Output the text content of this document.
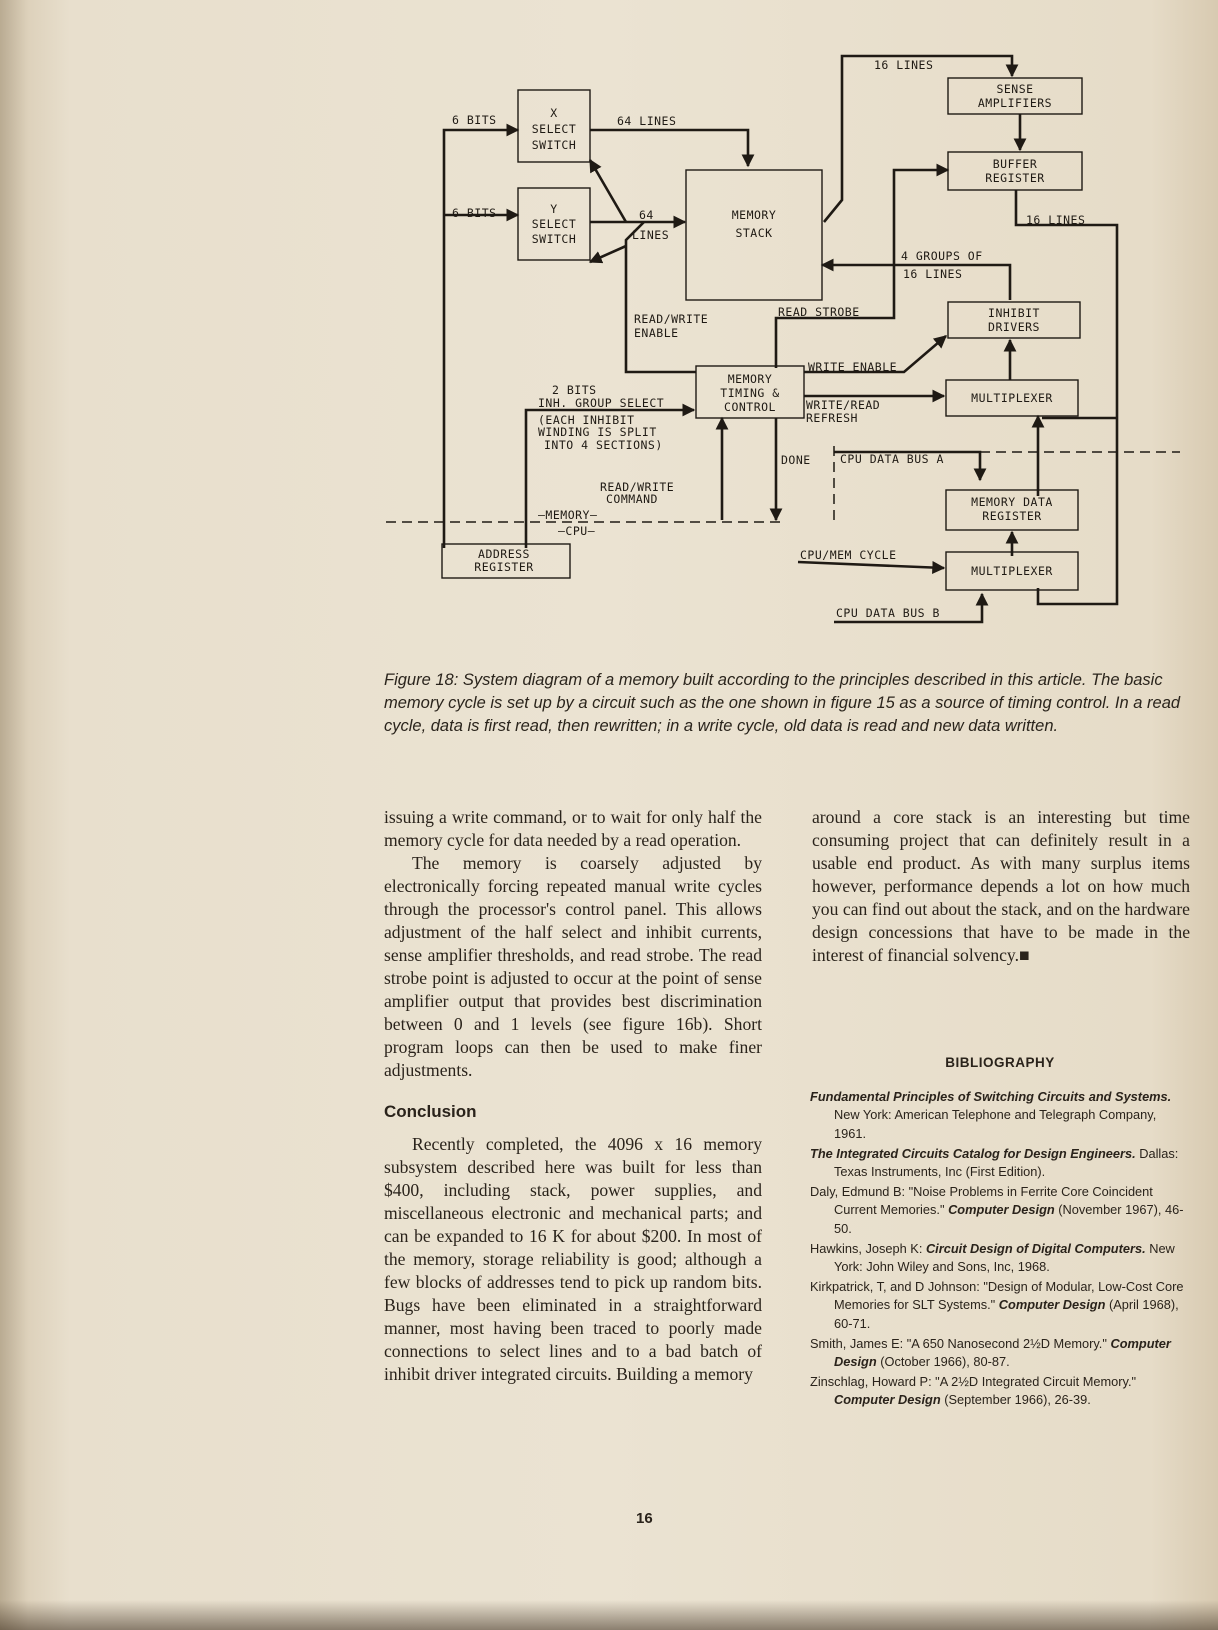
X
SELECT
SWITCH
Y
SELECT
SWITCH
MEMORY
STACK
SENSE
AMPLIFIERS
BUFFER
REGISTER
INHIBIT
DRIVERS
MEMORY
TIMING &
CONTROL
MULTIPLEXER
MEMORY DATA
REGISTER
MULTIPLEXER
ADDRESS
REGISTER
6 BITS
6 BITS
64 LINES
64
LINES
16 LINES
16 LINES
4 GROUPS OF
16 LINES
READ/WRITE
ENABLE
READ STROBE
WRITE ENABLE
WRITE/READ
REFRESH
2 BITS
INH. GROUP SELECT
(EACH INHIBIT
WINDING IS SPLIT
INTO 4 SECTIONS)
READ/WRITE
COMMAND
—MEMORY—
—CPU—
DONE	CPU DATA BUS A
CPU/MEM CYCLE
CPU DATA BUS B
Figure 18: System diagram of a memory built according to the principles described in this article. The basic memory cycle is set up by a circuit such as the one shown in figure 15 as a source of timing control. In a read cycle, data is first read, then rewritten; in a write cycle, old data is read and new data written.

issuing a write command, or to wait for only half the memory cycle for data needed by a read operation.

The memory is coarsely adjusted by electronically forcing repeated manual write cycles through the processor's control panel. This allows adjustment of the half select and inhibit currents, sense amplifier thresholds, and read strobe. The read strobe point is adjusted to occur at the point of sense amplifier output that provides best discrimination between 0 and 1 levels (see figure 16b). Short program loops can then be used to make finer adjustments.

Conclusion

Recently completed, the 4096 x 16 memory subsystem described here was built for less than $400, including stack, power supplies, and miscellaneous electronic and mechanical parts; and can be expanded to 16 K for about $200. In most of the memory, storage reliability is good; although a few blocks of addresses tend to pick up random bits. Bugs have been eliminated in a straightforward manner, most having been traced to poorly made connections to select lines and to a bad batch of inhibit driver integrated circuits. Building a memory

around a core stack is an interesting but time consuming project that can definitely result in a usable end product. As with many surplus items however, performance depends a lot on how much you can find out about the stack, and on the hardware design concessions that have to be made in the interest of financial solvency.■

BIBLIOGRAPHY
Fundamental Principles of Switching Circuits and Systems. New York: American Telephone and Telegraph Company, 1961.
The Integrated Circuits Catalog for Design Engineers. Dallas: Texas Instruments, Inc (First Edition).
Daly, Edmund B: "Noise Problems in Ferrite Core Coincident Current Memories." Computer Design (November 1967), 46-50.
Hawkins, Joseph K: Circuit Design of Digital Computers. New York: John Wiley and Sons, Inc, 1968.
Kirkpatrick, T, and D Johnson: "Design of Modular, Low-Cost Core Memories for SLT Systems." Computer Design (April 1968), 60-71.
Smith, James E: "A 650 Nanosecond 2½D Memory." Computer Design (October 1966), 80-87.
Zinschlag, Howard P: "A 2½D Integrated Circuit Memory." Computer Design (September 1966), 26-39.
16
